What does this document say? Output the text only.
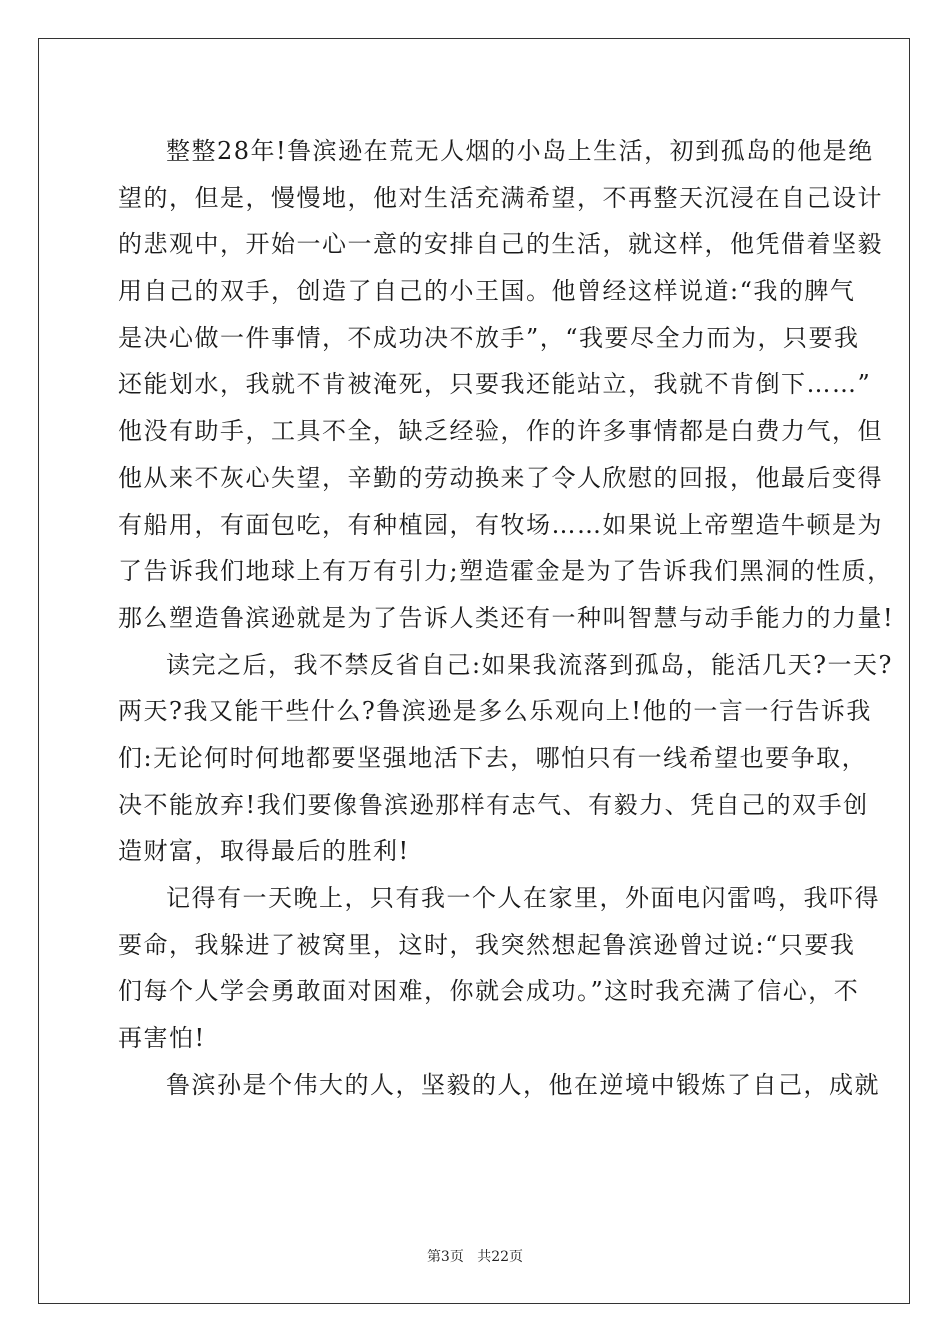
整整28年!鲁滨逊在荒无人烟的小岛上生活，初到孤岛的他是绝
望的，但是，慢慢地，他对生活充满希望，不再整天沉浸在自己设计
的悲观中，开始一心一意的安排自己的生活，就这样，他凭借着坚毅
用自己的双手，创造了自己的小王国。他曾经这样说道:“我的脾气
是决心做一件事情，不成功决不放手”，“我要尽全力而为，只要我
还能划水，我就不肯被淹死，只要我还能站立，我就不肯倒下……”
他没有助手，工具不全，缺乏经验，作的许多事情都是白费力气，但
他从来不灰心失望，辛勤的劳动换来了令人欣慰的回报，他最后变得
有船用，有面包吃，有种植园，有牧场……如果说上帝塑造牛顿是为
了告诉我们地球上有万有引力;塑造霍金是为了告诉我们黑洞的性质，
那么塑造鲁滨逊就是为了告诉人类还有一种叫智慧与动手能力的力量!
读完之后，我不禁反省自己:如果我流落到孤岛，能活几天?一天?
两天?我又能干些什么?鲁滨逊是多么乐观向上!他的一言一行告诉我
们:无论何时何地都要坚强地活下去，哪怕只有一线希望也要争取，
决不能放弃!我们要像鲁滨逊那样有志气、有毅力、凭自己的双手创
造财富，取得最后的胜利!
记得有一天晚上，只有我一个人在家里，外面电闪雷鸣，我吓得
要命，我躲进了被窝里，这时，我突然想起鲁滨逊曾过说:“只要我
们每个人学会勇敢面对困难，你就会成功。”这时我充满了信心，不
再害怕!
鲁滨孙是个伟大的人，坚毅的人，他在逆境中锻炼了自己，成就
第3页 共22页
